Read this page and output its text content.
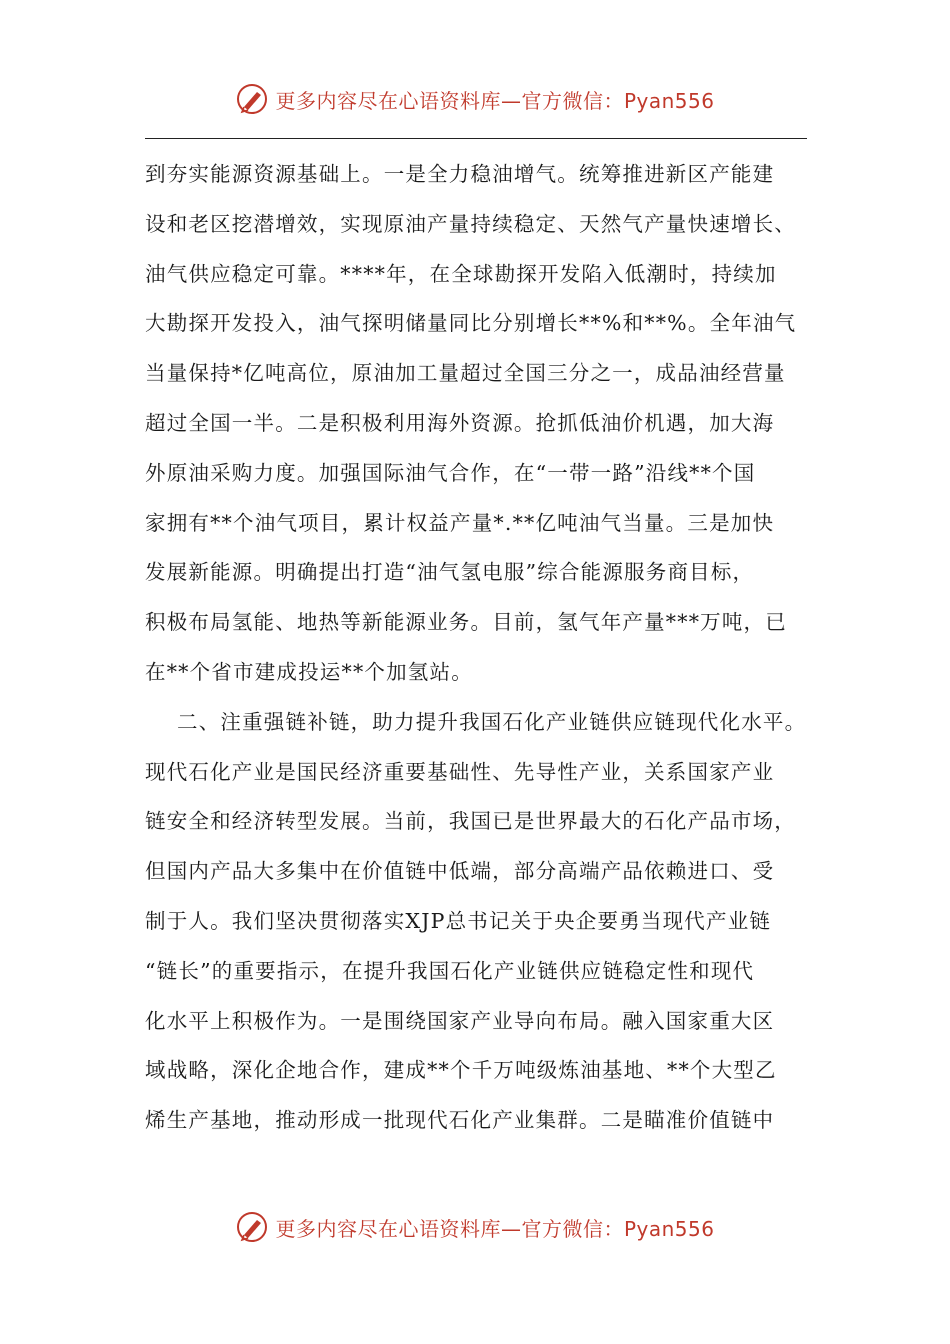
更多内容尽在心语资料库—官方微信：Pyan556
到夯实能源资源基础上。一是全力稳油增气。统筹推进新区产能建
设和老区挖潜增效，实现原油产量持续稳定、天然气产量快速增长、
油气供应稳定可靠。****年，在全球勘探开发陷入低潮时，持续加
大勘探开发投入，油气探明储量同比分别增长**%和**%。全年油气
当量保持*亿吨高位，原油加工量超过全国三分之一，成品油经营量
超过全国一半。二是积极利用海外资源。抢抓低油价机遇，加大海
外原油采购力度。加强国际油气合作，在“一带一路”沿线**个国
家拥有**个油气项目，累计权益产量*.**亿吨油气当量。三是加快
发展新能源。明确提出打造“油气氢电服”综合能源服务商目标，
积极布局氢能、地热等新能源业务。目前，氢气年产量***万吨，已
在**个省市建成投运**个加氢站。
二、注重强链补链，助力提升我国石化产业链供应链现代化水平。
现代石化产业是国民经济重要基础性、先导性产业，关系国家产业
链安全和经济转型发展。当前，我国已是世界最大的石化产品市场，
但国内产品大多集中在价值链中低端，部分高端产品依赖进口、受
制于人。我们坚决贯彻落实XJP总书记关于央企要勇当现代产业链
“链长”的重要指示，在提升我国石化产业链供应链稳定性和现代
化水平上积极作为。一是围绕国家产业导向布局。融入国家重大区
域战略，深化企地合作，建成**个千万吨级炼油基地、**个大型乙
烯生产基地，推动形成一批现代石化产业集群。二是瞄准价值链中
更多内容尽在心语资料库—官方微信：Pyan556
